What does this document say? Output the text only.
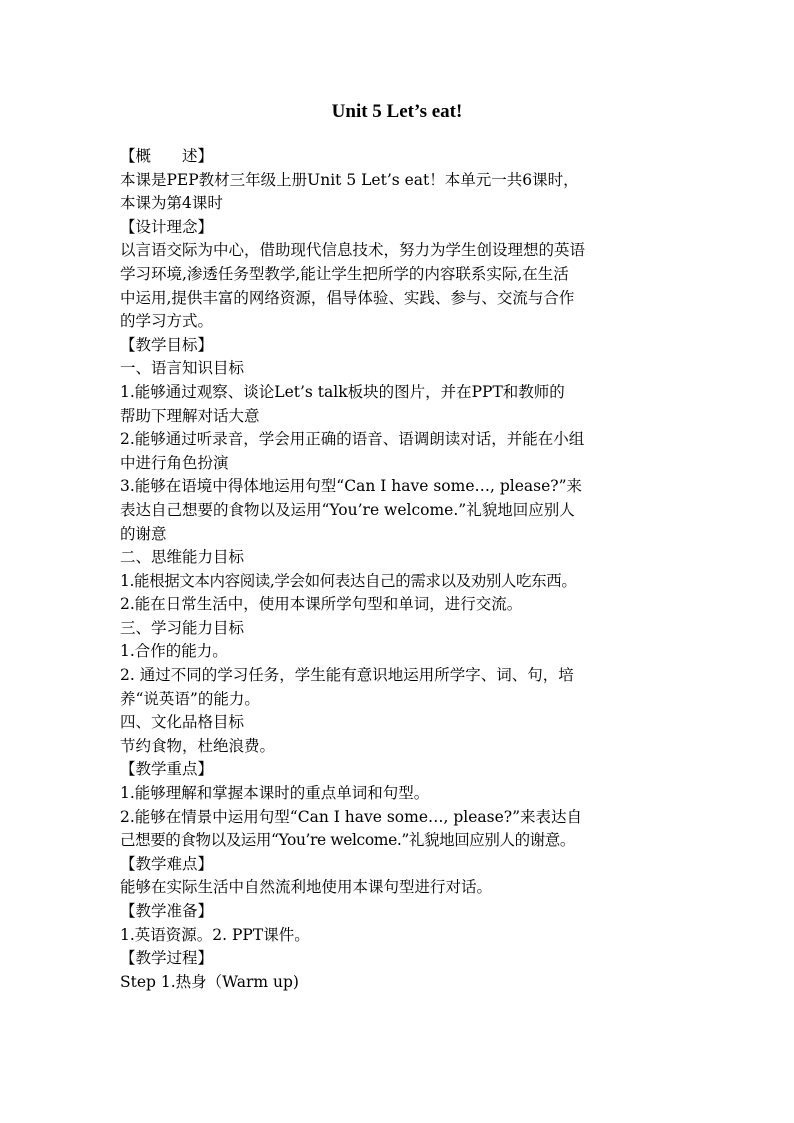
Unit 5 Let’s eat!
【概　　述】
本课是PEP教材三年级上册Unit 5 Let’s eat！本单元一共6课时，
本课为第4课时
【设计理念】
以言语交际为中心，借助现代信息技术，努力为学生创设理想的英语
学习环境,渗透任务型教学,能让学生把所学的内容联系实际,在生活
中运用,提供丰富的网络资源，倡导体验、实践、参与、交流与合作
的学习方式。
【教学目标】
一、语言知识目标
1.能够通过观察、谈论Let’s talk板块的图片，并在PPT和教师的
帮助下理解对话大意
2.能够通过听录音，学会用正确的语音、语调朗读对话，并能在小组
中进行角色扮演
3.能够在语境中得体地运用句型“Can I have some…, please?”来
表达自己想要的食物以及运用“You’re welcome.”礼貌地回应别人
的谢意
二、思维能力目标
1.能根据文本内容阅读,学会如何表达自己的需求以及劝别人吃东西。
2.能在日常生活中，使用本课所学句型和单词，进行交流。
三、学习能力目标
1.合作的能力。
2. 通过不同的学习任务，学生能有意识地运用所学字、词、句，培
养“说英语”的能力。
四、文化品格目标
节约食物，杜绝浪费。
【教学重点】
1.能够理解和掌握本课时的重点单词和句型。
2.能够在情景中运用句型“Can I have some…, please?”来表达自
己想要的食物以及运用“You’re welcome.”礼貌地回应别人的谢意。
【教学难点】
能够在实际生活中自然流利地使用本课句型进行对话。
【教学准备】
1.英语资源。2. PPT课件。
【教学过程】
Step 1.热身（Warm up)
